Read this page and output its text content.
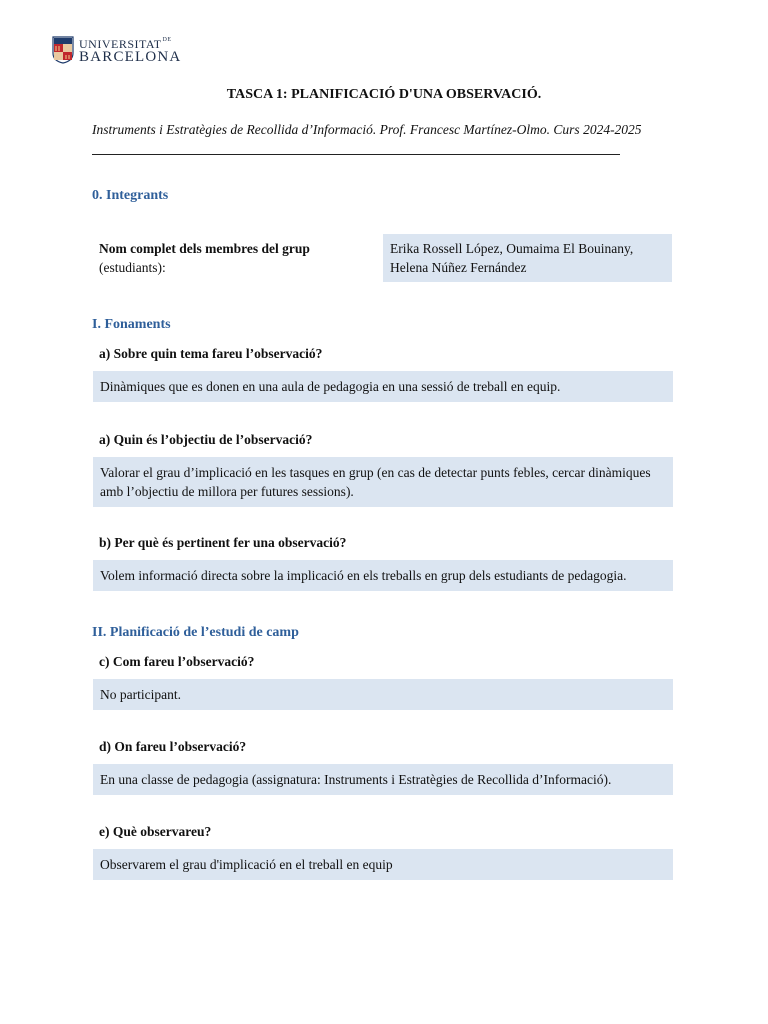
$UNIVERSITAT^{DE}$
BARCELONA
TASCA 1: PLANIFICACIÓ D'UNA OBSERVACIÓ.
Instruments i Estratègies de Recollida d’Informació. Prof. Francesc Martínez-Olmo. Curs 2024-2025
0. Integrants
Nom complet dels membres del grup
(estudiants):
Erika Rossell López, Oumaima El Bouinany, Helena Núñez Fernández
I. Fonaments
a) Sobre quin tema fareu l’observació?
Dinàmiques que es donen en una aula de pedagogia en una sessió de treball en equip.
a) Quin és l’objectiu de l’observació?
Valorar el grau d’implicació en les tasques en grup (en cas de detectar punts febles, cercar dinàmiques amb l’objectiu de millora per futures sessions).
b) Per què és pertinent fer una observació?
Volem informació directa sobre la implicació en els treballs en grup dels estudiants de pedagogia.
II. Planificació de l’estudi de camp
c) Com fareu l’observació?
No participant.
d) On fareu l’observació?
En una classe de pedagogia (assignatura: Instruments i Estratègies de Recollida d’Informació).
e) Què observareu?
Observarem el grau d'implicació en el treball en equip
